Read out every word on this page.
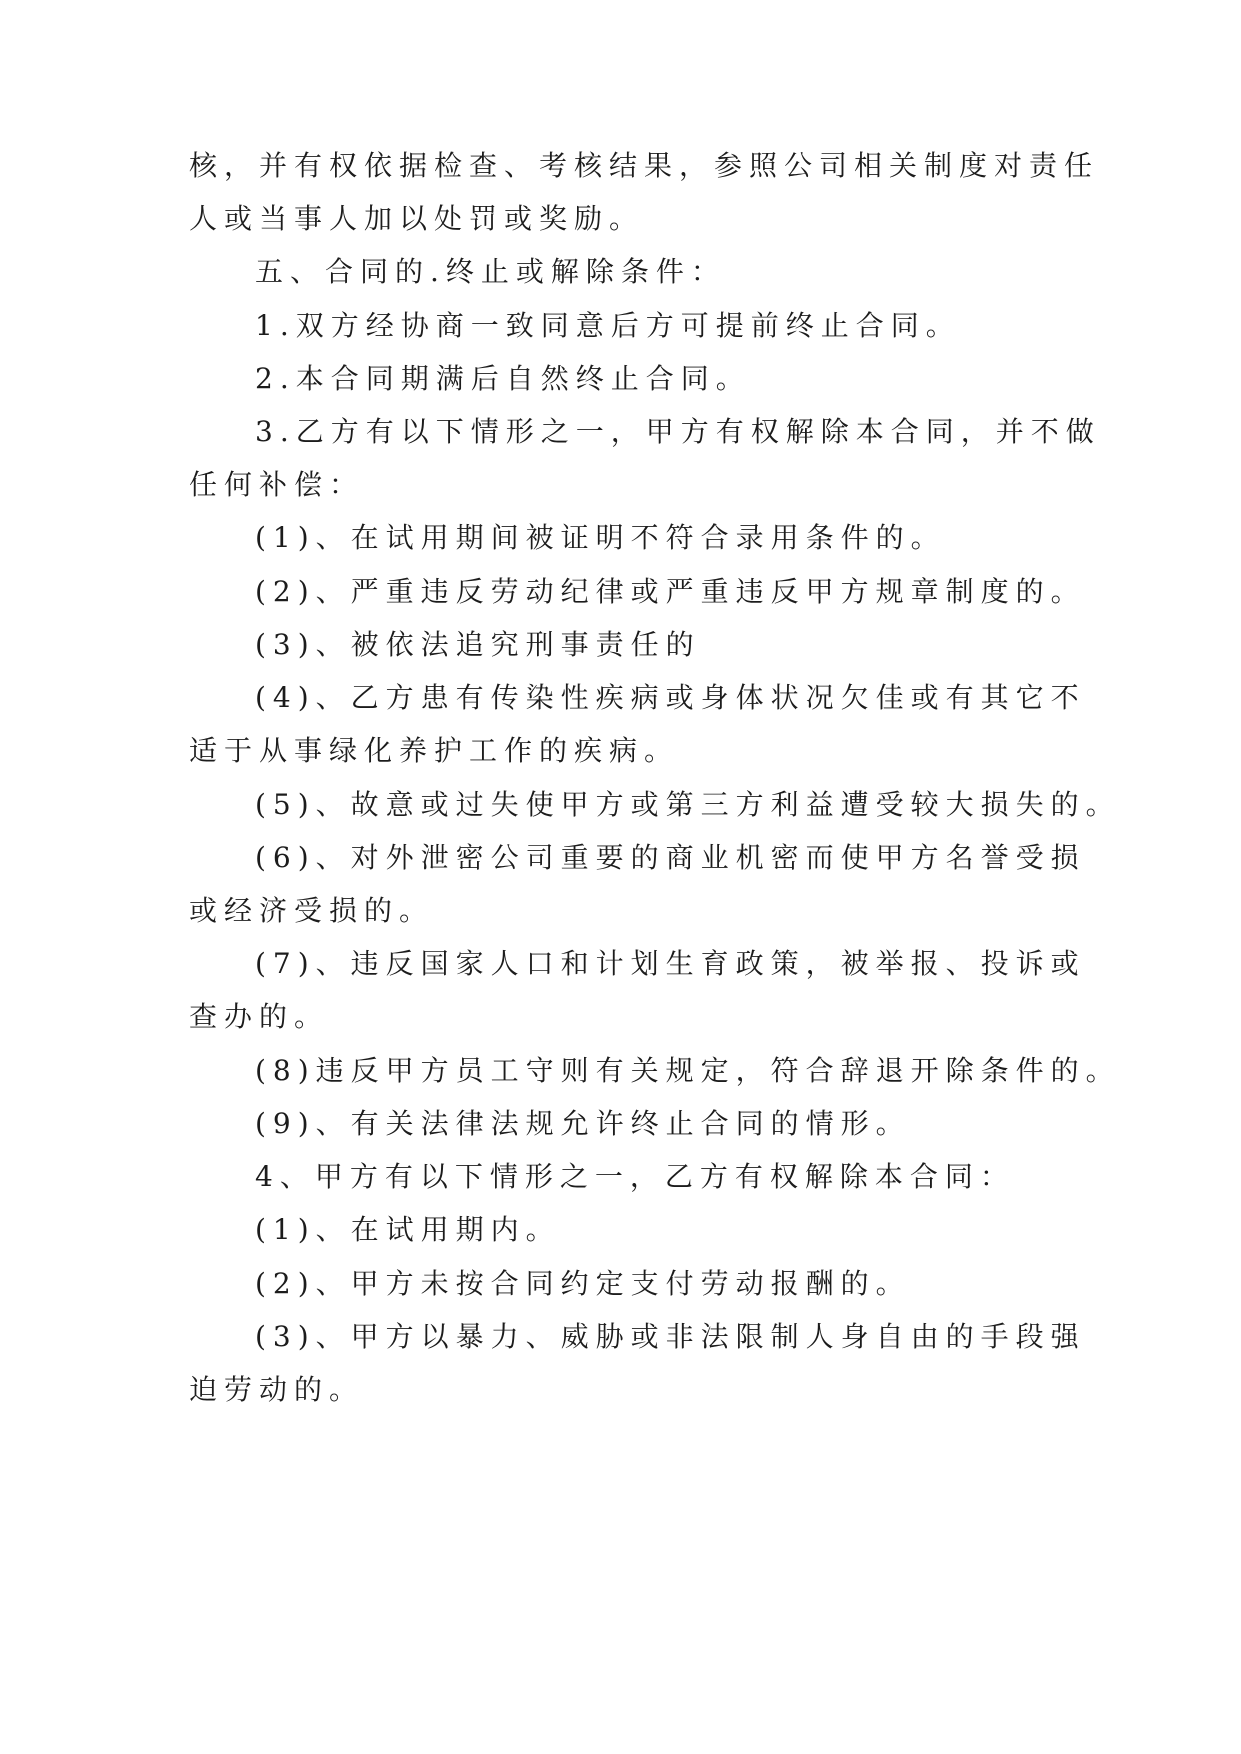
核，并有权依据检查、考核结果，参照公司相关制度对责任

人或当事人加以处罚或奖励。

五、合同的.终止或解除条件：

1.双方经协商一致同意后方可提前终止合同。

2.本合同期满后自然终止合同。

3.乙方有以下情形之一，甲方有权解除本合同，并不做

任何补偿：

(1)、在试用期间被证明不符合录用条件的。

(2)、严重违反劳动纪律或严重违反甲方规章制度的。

(3)、被依法追究刑事责任的

(4)、乙方患有传染性疾病或身体状况欠佳或有其它不

适于从事绿化养护工作的疾病。

(5)、故意或过失使甲方或第三方利益遭受较大损失的。

(6)、对外泄密公司重要的商业机密而使甲方名誉受损

或经济受损的。

(7)、违反国家人口和计划生育政策，被举报、投诉或

查办的。

(8)违反甲方员工守则有关规定，符合辞退开除条件的。

(9)、有关法律法规允许终止合同的情形。

4、甲方有以下情形之一，乙方有权解除本合同：

(1)、在试用期内。

(2)、甲方未按合同约定支付劳动报酬的。

(3)、甲方以暴力、威胁或非法限制人身自由的手段强

迫劳动的。
